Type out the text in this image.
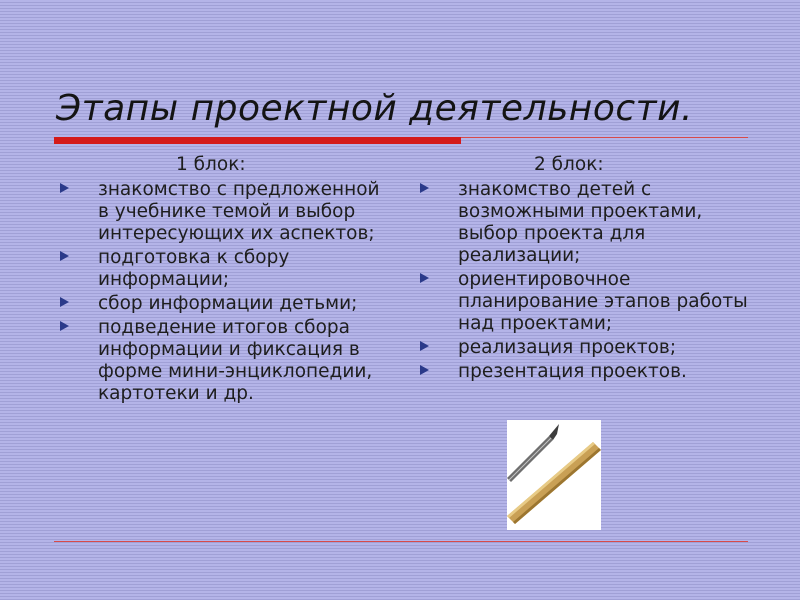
Этапы проектной деятельности.
1 блок:
знакомство с предложенной в учебнике темой и выбор интересующих их аспектов;
подготовка к сбору информации;
сбор информации детьми;
подведение итогов сбора информации и фиксация в форме мини-энциклопедии, картотеки и др.
2 блок:
знакомство детей с возможными проектами, выбор проекта для реализации;
ориентировочное планирование этапов работы над проектами;
реализация проектов;
презентация проектов.
